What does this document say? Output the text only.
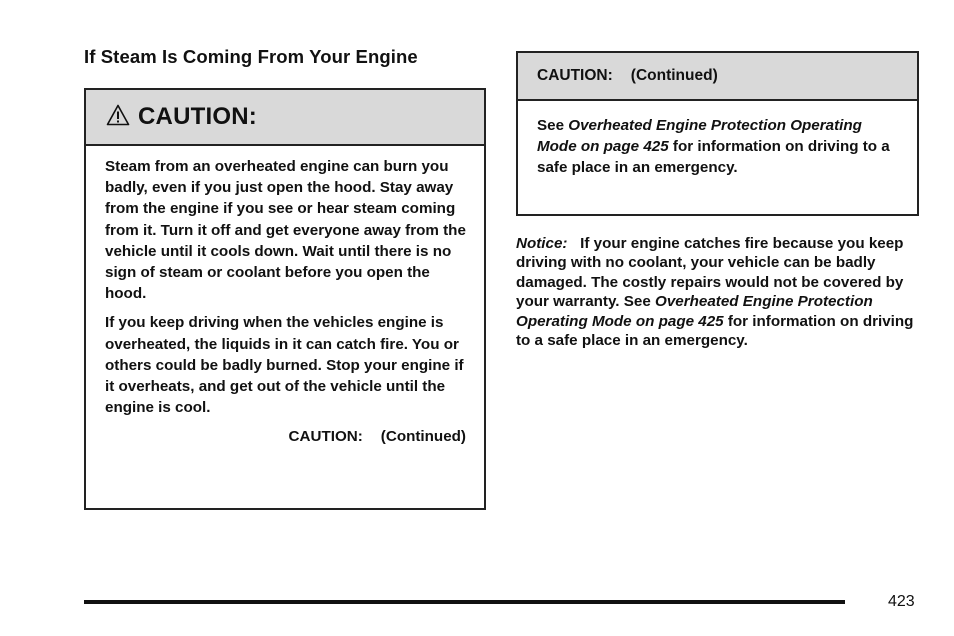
If Steam Is Coming From Your Engine
CAUTION:

Steam from an overheated engine can burn you badly, even if you just open the hood. Stay away from the engine if you see or hear steam coming from it. Turn it off and get everyone away from the vehicle until it cools down. Wait until there is no sign of steam or coolant before you open the hood.

If you keep driving when the vehicles engine is overheated, the liquids in it can catch fire. You or others could be badly burned. Stop your engine if it overheats, and get out of the vehicle until the engine is cool.

CAUTION: (Continued)

CAUTION: (Continued)
See Overheated Engine Protection Operating Mode on page 425 for information on driving to a safe place in an emergency.
Notice: If your engine catches fire because you keep driving with no coolant, your vehicle can be badly damaged. The costly repairs would not be covered by your warranty. See Overheated Engine Protection Operating Mode on page 425 for information on driving to a safe place in an emergency.
423
